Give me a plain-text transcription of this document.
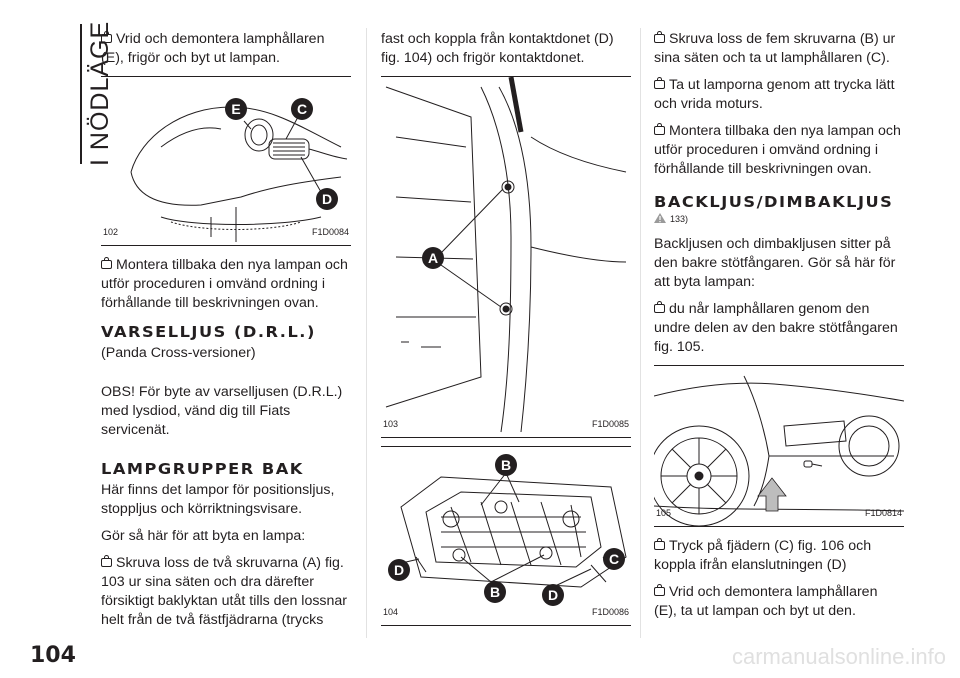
I NÖDLÄGE Vrid och demontera lamphållaren (E), frigör och byt ut lampan.

E	C
D
102	F1D0084

Montera tillbaka den nya lampan och utför proceduren i omvänd ordning i förhållande till beskrivningen ovan.

VARSELLJUS (D.R.L.)

(Panda Cross-versioner)

OBS! För byte av varselljusen (D.R.L.) med lysdiod, vänd dig till Fiats servicenät.

LAMPGRUPPER BAK

Här finns det lampor för positionsljus, stoppljus och körriktningsvisare.

Gör så här för att byta en lampa:

Skruva loss de två skruvarna (A) fig. 103 ur sina säten och dra därefter försiktigt baklyktan utåt tills den lossnar helt från de två fästfjädrarna (trycks

fast och koppla från kontaktdonet (D) fig. 104) och frigör kontaktdonet.

A
103	F1D0085
B
D
B	D
C
104	F1D0086

Skruva loss de fem skruvarna (B) ur sina säten och ta ut lamphållaren (C).

Ta ut lamporna genom att trycka lätt och vrida moturs.

Montera tillbaka den nya lampan och utför proceduren i omvänd ordning i förhållande till beskrivningen ovan.

BACKLJUS/DIMBAKLJUS
133)

Backljusen och dimbakljusen sitter på den bakre stötfångaren. Gör så här för att byta lampan:

du når lamphållaren genom den undre delen av den bakre stötfångaren fig. 105.

105	F1D0814

Tryck på fjädern (C) fig. 106 och koppla ifrån elanslutningen (D)

Vrid och demontera lamphållaren (E), ta ut lampan och byt ut den.

104	carmanualsonline.info
